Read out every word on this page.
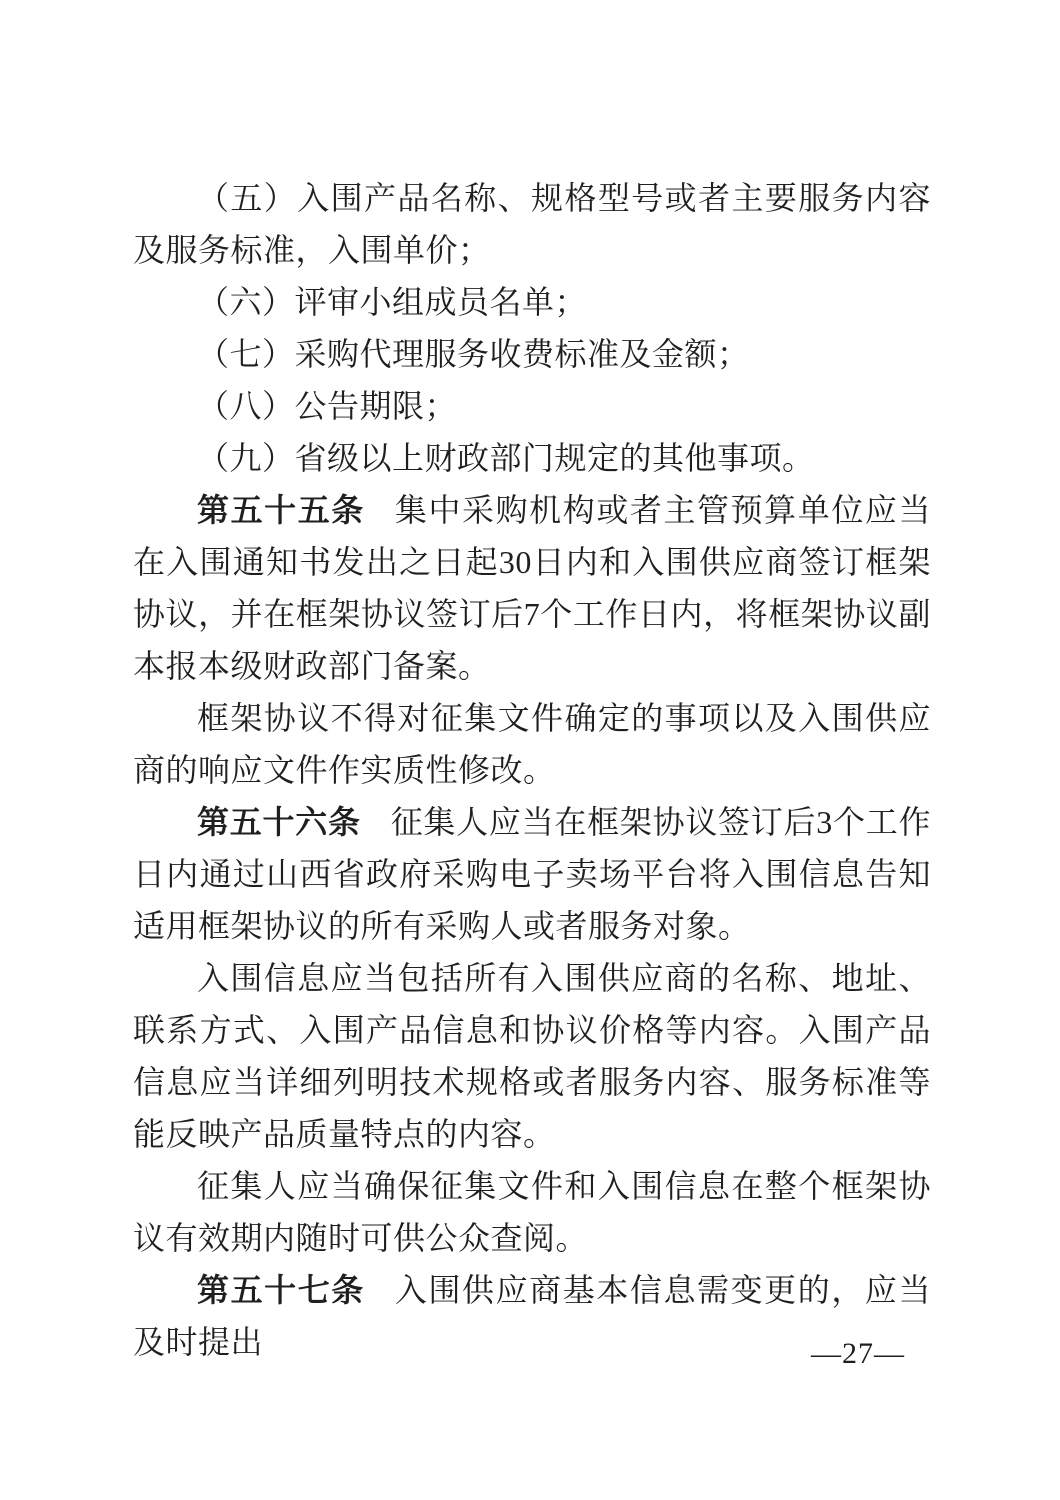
（五）入围产品名称、规格型号或者主要服务内容及服务标准，入围单价；

（六）评审小组成员名单；

（七）采购代理服务收费标准及金额；

（八）公告期限；

（九）省级以上财政部门规定的其他事项。

第五十五条 集中采购机构或者主管预算单位应当在入围通知书发出之日起30日内和入围供应商签订框架协议，并在框架协议签订后7个工作日内，将框架协议副本报本级财政部门备案。

框架协议不得对征集文件确定的事项以及入围供应商的响应文件作实质性修改。

第五十六条 征集人应当在框架协议签订后3个工作日内通过山西省政府采购电子卖场平台将入围信息告知适用框架协议的所有采购人或者服务对象。

入围信息应当包括所有入围供应商的名称、地址、联系方式、入围产品信息和协议价格等内容。入围产品信息应当详细列明技术规格或者服务内容、服务标准等能反映产品质量特点的内容。

征集人应当确保征集文件和入围信息在整个框架协议有效期内随时可供公众查阅。

第五十七条 入围供应商基本信息需变更的，应当及时提出	—27—
